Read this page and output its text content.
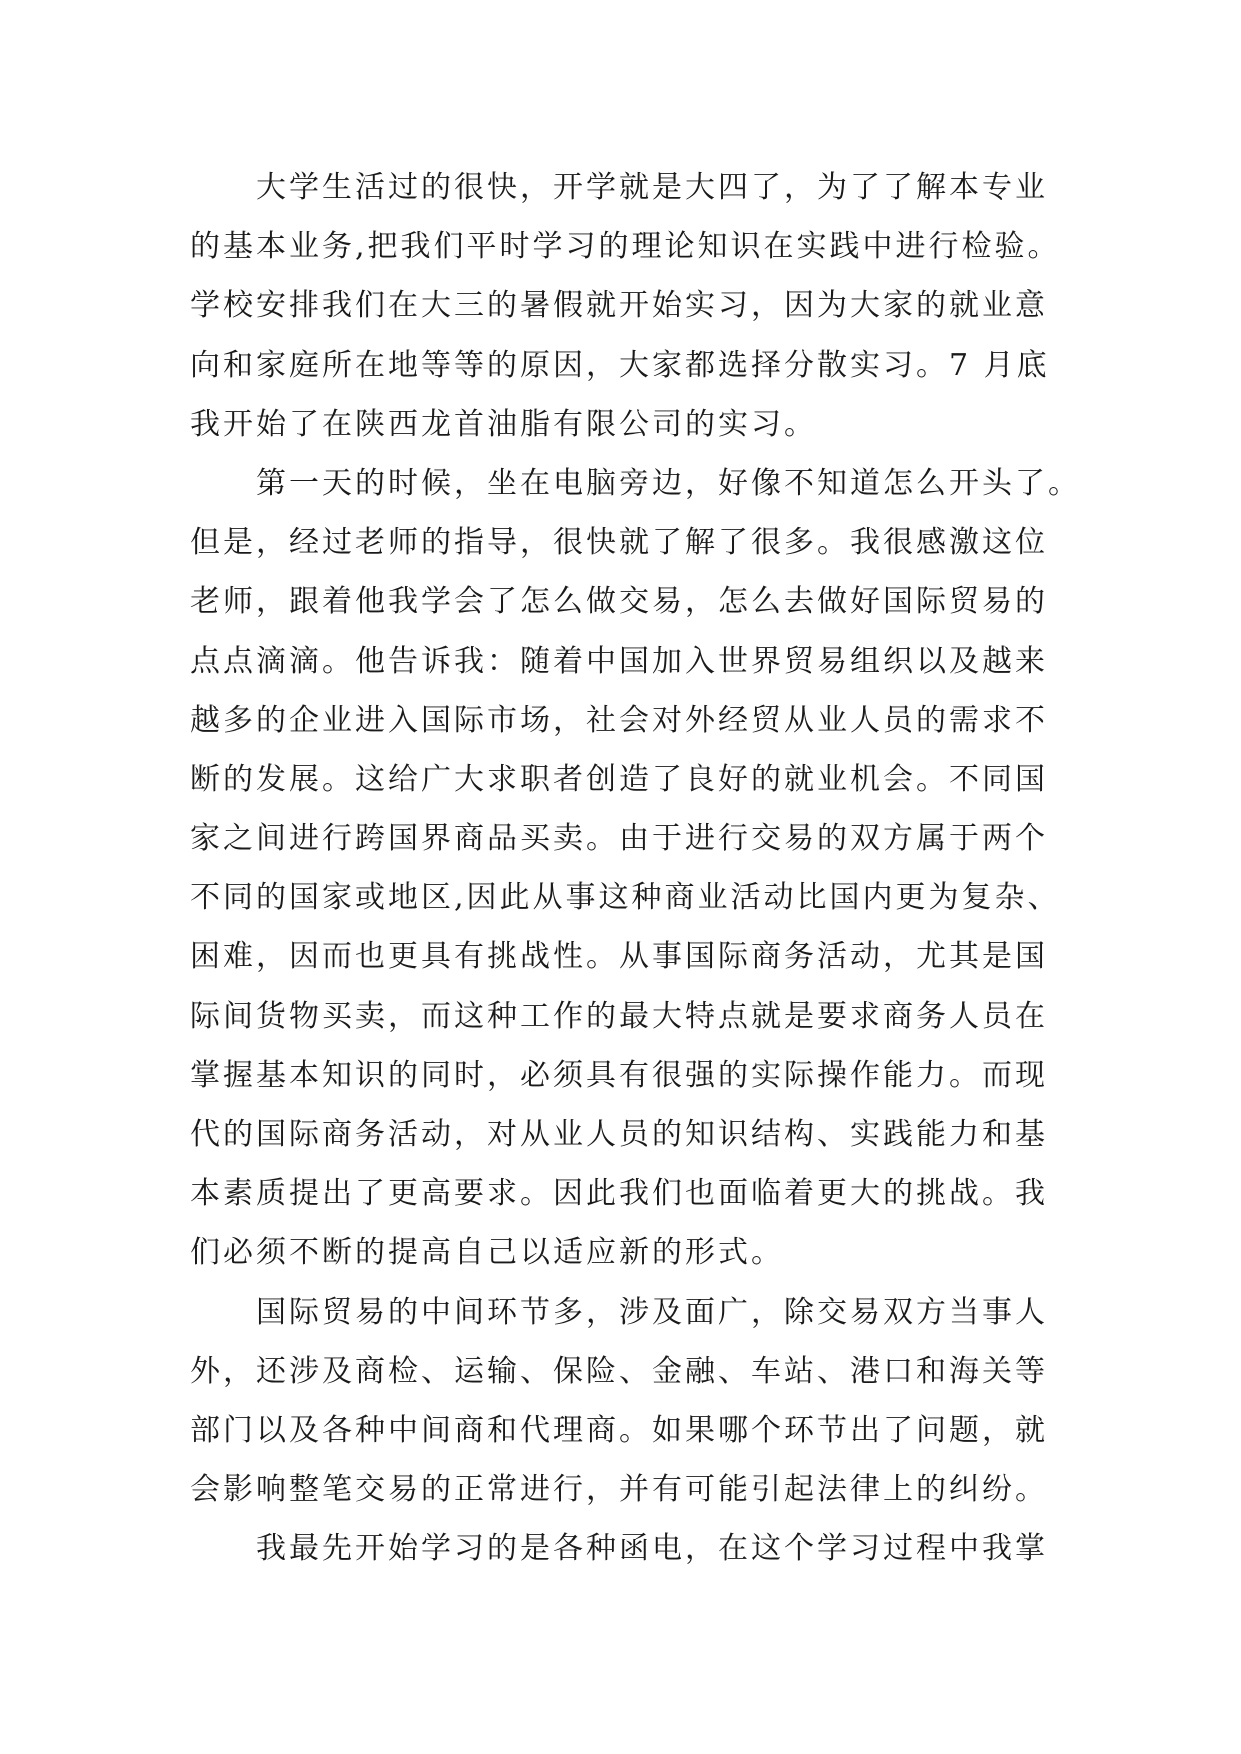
大学生活过的很快，开学就是大四了，为了了解本专业
的基本业务,把我们平时学习的理论知识在实践中进行检验。
学校安排我们在大三的暑假就开始实习，因为大家的就业意
向和家庭所在地等等的原因，大家都选择分散实习。7 月底
我开始了在陕西龙首油脂有限公司的实习。
第一天的时候，坐在电脑旁边，好像不知道怎么开头了。
但是，经过老师的指导，很快就了解了很多。我很感激这位
老师，跟着他我学会了怎么做交易，怎么去做好国际贸易的
点点滴滴。他告诉我：随着中国加入世界贸易组织以及越来
越多的企业进入国际市场，社会对外经贸从业人员的需求不
断的发展。这给广大求职者创造了良好的就业机会。不同国
家之间进行跨国界商品买卖。由于进行交易的双方属于两个
不同的国家或地区,因此从事这种商业活动比国内更为复杂、
困难，因而也更具有挑战性。从事国际商务活动，尤其是国
际间货物买卖，而这种工作的最大特点就是要求商务人员在
掌握基本知识的同时，必须具有很强的实际操作能力。而现
代的国际商务活动，对从业人员的知识结构、实践能力和基
本素质提出了更高要求。因此我们也面临着更大的挑战。我
们必须不断的提高自己以适应新的形式。
国际贸易的中间环节多，涉及面广，除交易双方当事人
外，还涉及商检、运输、保险、金融、车站、港口和海关等
部门以及各种中间商和代理商。如果哪个环节出了问题，就
会影响整笔交易的正常进行，并有可能引起法律上的纠纷。
我最先开始学习的是各种函电，在这个学习过程中我掌
